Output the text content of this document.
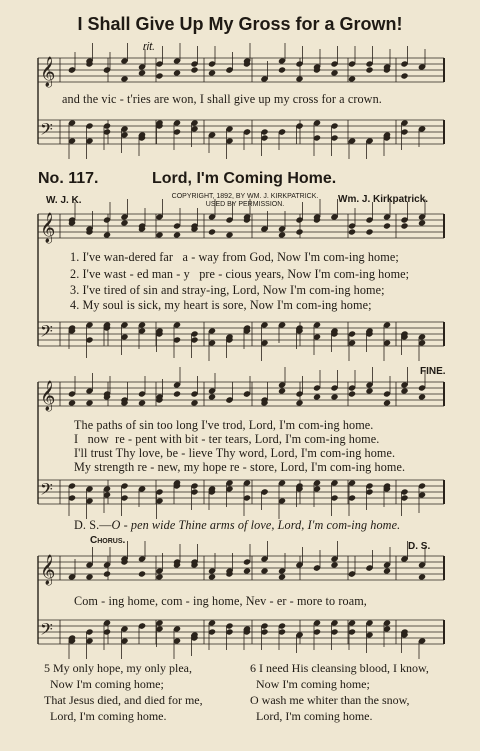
I Shall Give Up My Gross for a Grown!
rit.
𝄞
𝄢
𝄞
𝄢
𝄞
𝄢
𝄞
𝄢
and the vic - t'ries are won, I shall give up my cross for a crown.
No. 117.	Lord, I'm Coming Home.
COPYRIGHT, 1892, BY WM. J. KIRKPATRICK.
USED BY PERMISSION.
W. J. K.	Wm. J. Kirkpatrick.
1. I've wan-dered far   a - way from God, Now I'm com-ing home;
2. I've wast - ed man - y   pre - cious years, Now I'm com-ing home;
3. I've tired of sin and stray-ing, Lord, Now I'm com-ing home;
4. My soul is sick, my heart is sore, Now I'm com-ing home;
FINE.
The paths of sin too long I've trod, Lord, I'm com-ing home.
I   now  re - pent with bit - ter tears, Lord, I'm com-ing home.
I'll trust Thy love, be - lieve Thy word, Lord, I'm com-ing home.
My strength re - new, my hope re - store, Lord, I'm com-ing home.
D. S.—O - pen wide Thine arms of love, Lord, I'm com-ing home.
Chorus.
D. S.
Com - ing home, com - ing home, Nev - er - more to roam,
5 My only hope, my only plea,
Now I'm coming home;
That Jesus died, and died for me,
Lord, I'm coming home.
6 I need His cleansing blood, I know,
Now I'm coming home;
O wash me whiter than the snow,
Lord, I'm coming home.
